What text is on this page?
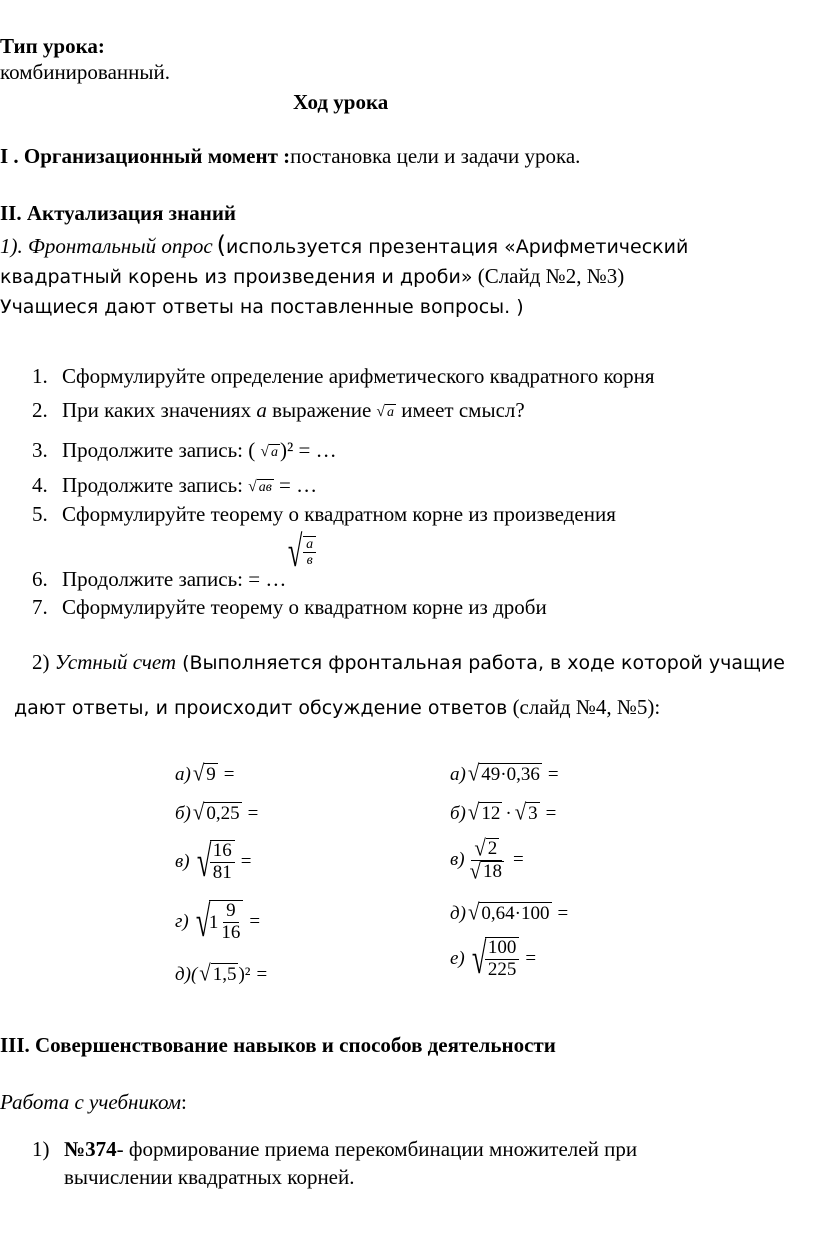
Тип урока:
комбинированный.
Ход урока
I . Организационный момент :постановка цели и задачи урока.
II. Актуализация знаний
1). Фронтальный опрос (используется презентация «Арифметический
квадратный корень из произведения и дроби» (Слайд №2, №3)
Учащиеся дают ответы на поставленные вопросы. )
1. Сформулируйте определение арифметического квадратного корня
2. При каких значениях а выражение √ а имеет смысл?
3. Продолжите запись: ( √ а)² = …
4. Продолжите запись: √ ав = …
5. Сформулируйте теорему о квадратном корне из произведения
6. Продолжите запись: = …
√ $\frac{а}{в}$
7. Сформулируйте теорему о квадратном корне из дроби
2) Устный счет (Выполняется фронтальная работа, в ходе которой учащие
дают ответы, и происходит обсуждение ответов (слайд №4, №5):
а) √ 9 =
б) √ 0,25 =
в) √
$\frac{16}{81}$ =
г) √
$1 \frac{9}{16}$ =
д)( √ 1,5 )² =
а) √ 49·0,36 =
б) √ 12 · √ 3 =
$в) \frac{√ 2}{√ 18}$ =
д) √ 0,64·100 =
е) √
$\frac{100}{225}$ =
III. Совершенствование навыков и способов деятельности
Работа с учебником:
1) №374- формирование приема перекомбинации множителей при
вычислении квадратных корней.
